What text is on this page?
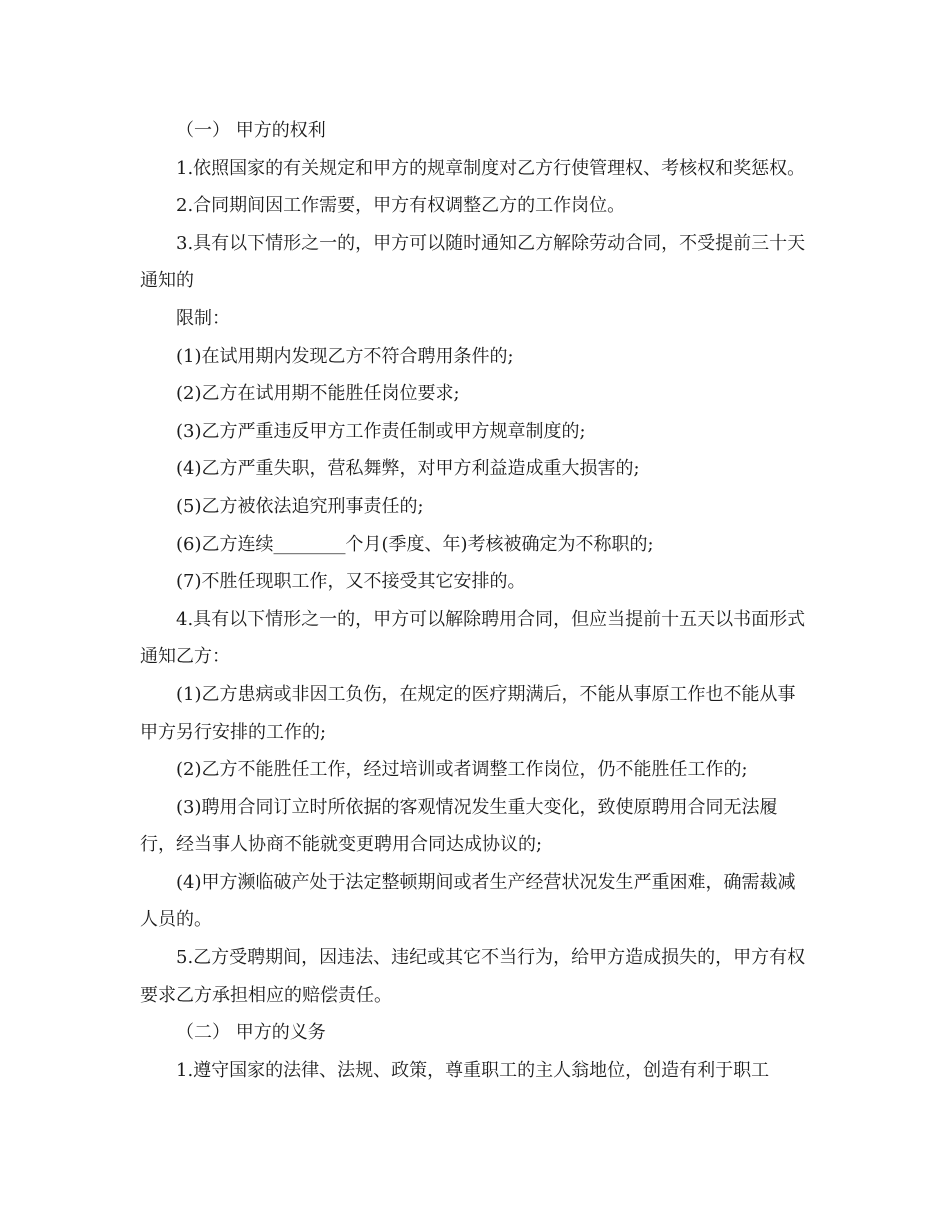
（一） 甲方的权利

1.依照国家的有关规定和甲方的规章制度对乙方行使管理权、考核权和奖惩权。

2.合同期间因工作需要，甲方有权调整乙方的工作岗位。

3.具有以下情形之一的，甲方可以随时通知乙方解除劳动合同，不受提前三十天通知的

限制：

(1)在试用期内发现乙方不符合聘用条件的;

(2)乙方在试用期不能胜任岗位要求;

(3)乙方严重违反甲方工作责任制或甲方规章制度的;

(4)乙方严重失职，营私舞弊，对甲方利益造成重大损害的;

(5)乙方被依法追究刑事责任的;

(6)乙方连续________个月(季度、年)考核被确定为不称职的;

(7)不胜任现职工作，又不接受其它安排的。

4.具有以下情形之一的，甲方可以解除聘用合同，但应当提前十五天以书面形式通知乙方：

(1)乙方患病或非因工负伤，在规定的医疗期满后，不能从事原工作也不能从事甲方另行安排的工作的;

(2)乙方不能胜任工作，经过培训或者调整工作岗位，仍不能胜任工作的;

(3)聘用合同订立时所依据的客观情况发生重大变化，致使原聘用合同无法履行，经当事人协商不能就变更聘用合同达成协议的;

(4)甲方濒临破产处于法定整顿期间或者生产经营状况发生严重困难，确需裁减人员的。

5.乙方受聘期间，因违法、违纪或其它不当行为，给甲方造成损失的，甲方有权要求乙方承担相应的赔偿责任。

（二） 甲方的义务

1.遵守国家的法律、法规、政策，尊重职工的主人翁地位，创造有利于职工
